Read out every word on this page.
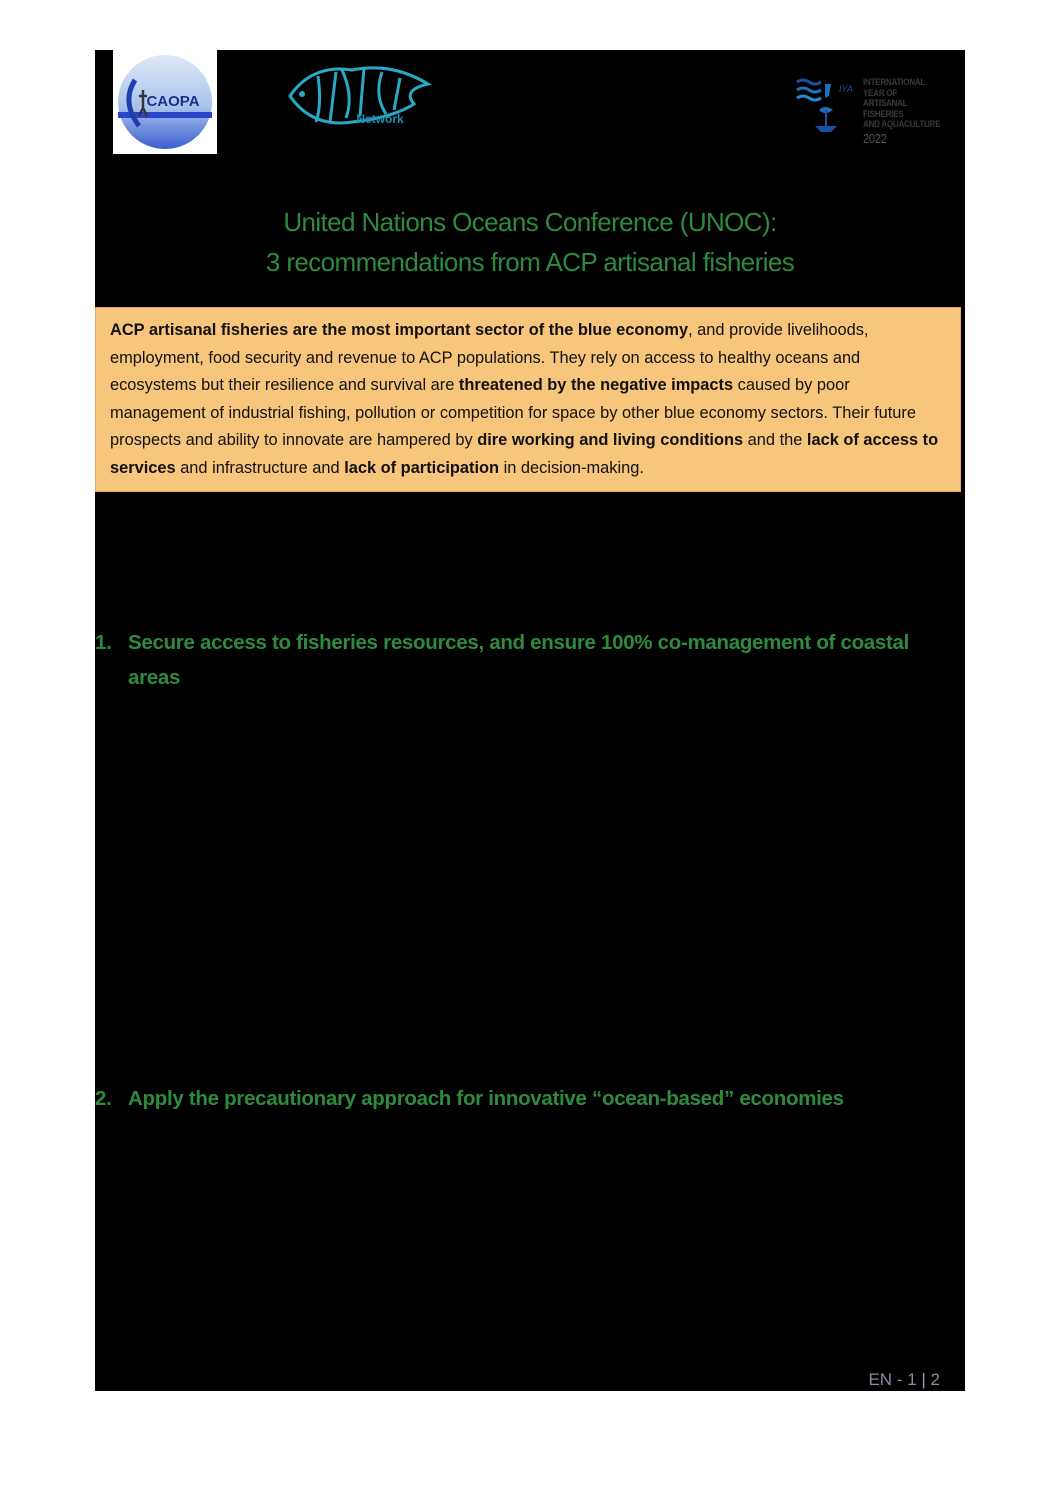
CAOPA
Network
IYA
INTERNATIONAL YEAR OF
ARTISANAL FISHERIES
AND AQUACULTURE
2022
United Nations Oceans Conference (UNOC):
3 recommendations from ACP artisanal fisheries

ACP artisanal fisheries are the most important sector of the blue economy, and provide livelihoods, employment, food security and revenue to ACP populations. They rely on access to healthy oceans and ecosystems but their resilience and survival are threatened by the negative impacts caused by poor management of industrial fishing, pollution or competition for space by other blue economy sectors. Their future prospects and ability to innovate are hampered by dire working and living conditions and the lack of access to services and infrastructure and lack of participation in decision-making.

1. Secure access to fisheries resources, and ensure 100% co-management of coastal areas
2. Apply the precautionary approach for innovative “ocean-based” economies
EN - 1 | 2
